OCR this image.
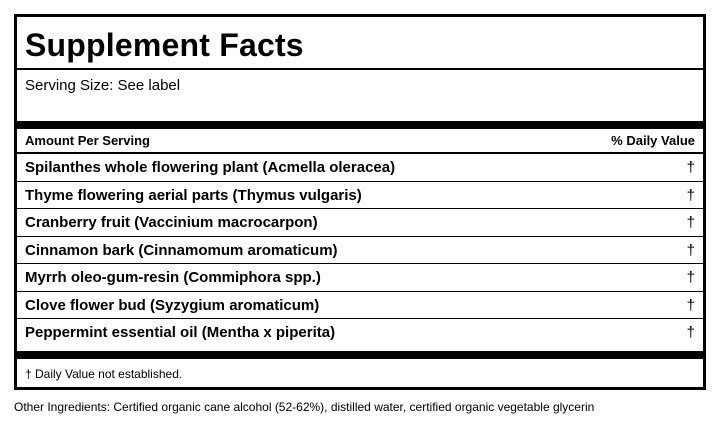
Supplement Facts
Serving Size: See label
Amount Per Serving	% Daily Value
Spilanthes whole flowering plant (Acmella oleracea)	†
Thyme flowering aerial parts (Thymus vulgaris)	†
Cranberry fruit (Vaccinium macrocarpon)	†
Cinnamon bark (Cinnamomum aromaticum)	†
Myrrh oleo-gum-resin (Commiphora spp.)	†
Clove flower bud (Syzygium aromaticum)	†
Peppermint essential oil (Mentha x piperita)	†
† Daily Value not established.
Other Ingredients: Certified organic cane alcohol (52-62%), distilled water, certified organic vegetable glycerin
